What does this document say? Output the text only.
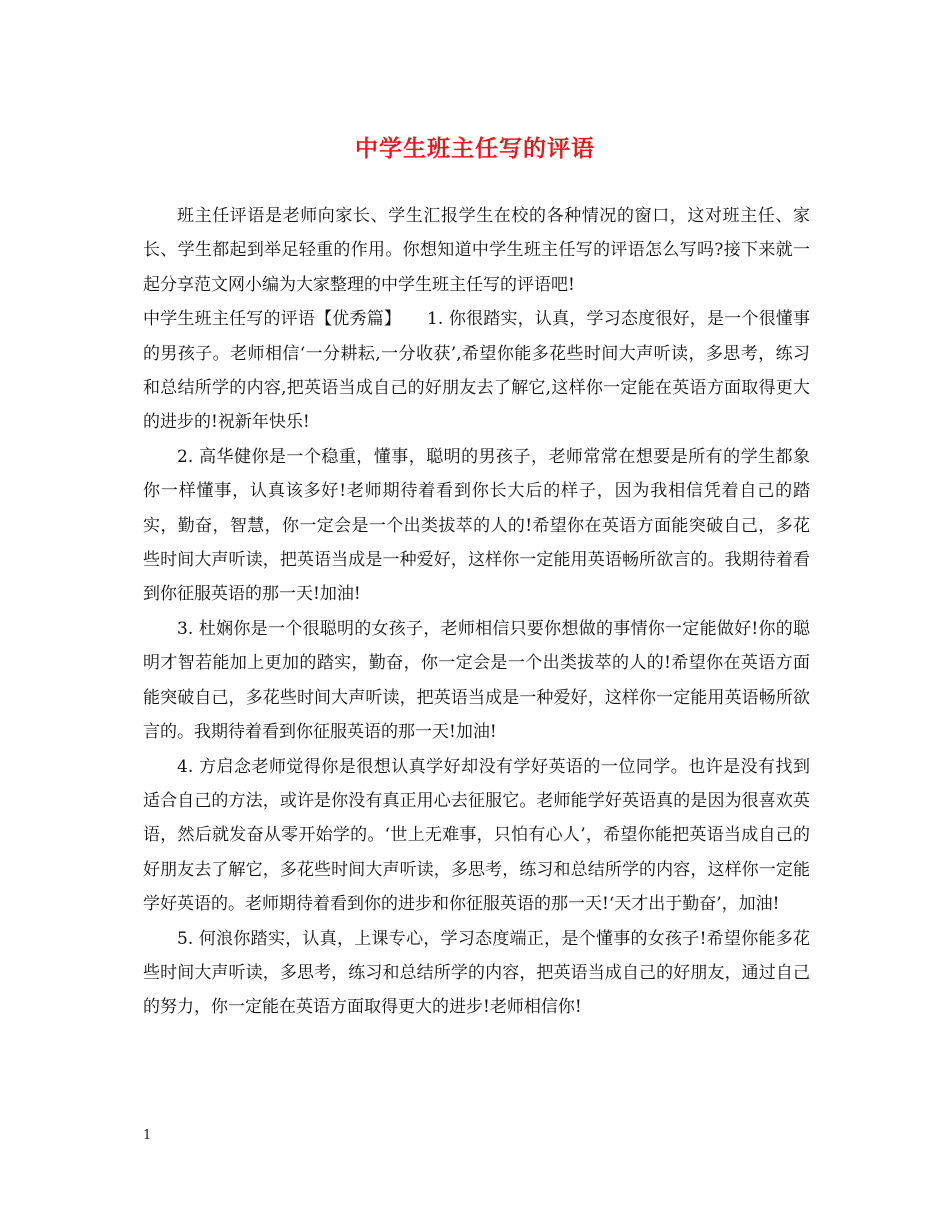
中学生班主任写的评语

班主任评语是老师向家长、学生汇报学生在校的各种情况的窗口，这对班主任、家长、学生都起到举足轻重的作用。你想知道中学生班主任写的评语怎么写吗?接下来就一起分享范文网小编为大家整理的中学生班主任写的评语吧!

中学生班主任写的评语【优秀篇】　　1. 你很踏实，认真，学习态度很好，是一个很懂事的男孩子。老师相信‘一分耕耘,一分收获’,希望你能多花些时间大声听读，多思考，练习和总结所学的内容,把英语当成自己的好朋友去了解它,这样你一定能在英语方面取得更大的进步的!祝新年快乐!

2. 高华健你是一个稳重，懂事，聪明的男孩子，老师常常在想要是所有的学生都象你一样懂事，认真该多好!老师期待着看到你长大后的样子，因为我相信凭着自己的踏实，勤奋，智慧，你一定会是一个出类拔萃的人的!希望你在英语方面能突破自己，多花些时间大声听读，把英语当成是一种爱好，这样你一定能用英语畅所欲言的。我期待着看到你征服英语的那一天!加油!

3. 杜娴你是一个很聪明的女孩子，老师相信只要你想做的事情你一定能做好!你的聪明才智若能加上更加的踏实，勤奋，你一定会是一个出类拔萃的人的!希望你在英语方面能突破自己，多花些时间大声听读，把英语当成是一种爱好，这样你一定能用英语畅所欲言的。我期待着看到你征服英语的那一天!加油!

4. 方启念老师觉得你是很想认真学好却没有学好英语的一位同学。也许是没有找到适合自己的方法，或许是你没有真正用心去征服它。老师能学好英语真的是因为很喜欢英语，然后就发奋从零开始学的。‘世上无难事，只怕有心人’，希望你能把英语当成自己的好朋友去了解它，多花些时间大声听读，多思考，练习和总结所学的内容，这样你一定能学好英语的。老师期待着看到你的进步和你征服英语的那一天!‘天才出于勤奋’，加油!

5. 何浪你踏实，认真，上课专心，学习态度端正，是个懂事的女孩子!希望你能多花些时间大声听读，多思考，练习和总结所学的内容，把英语当成自己的好朋友，通过自己的努力，你一定能在英语方面取得更大的进步!老师相信你!

1
